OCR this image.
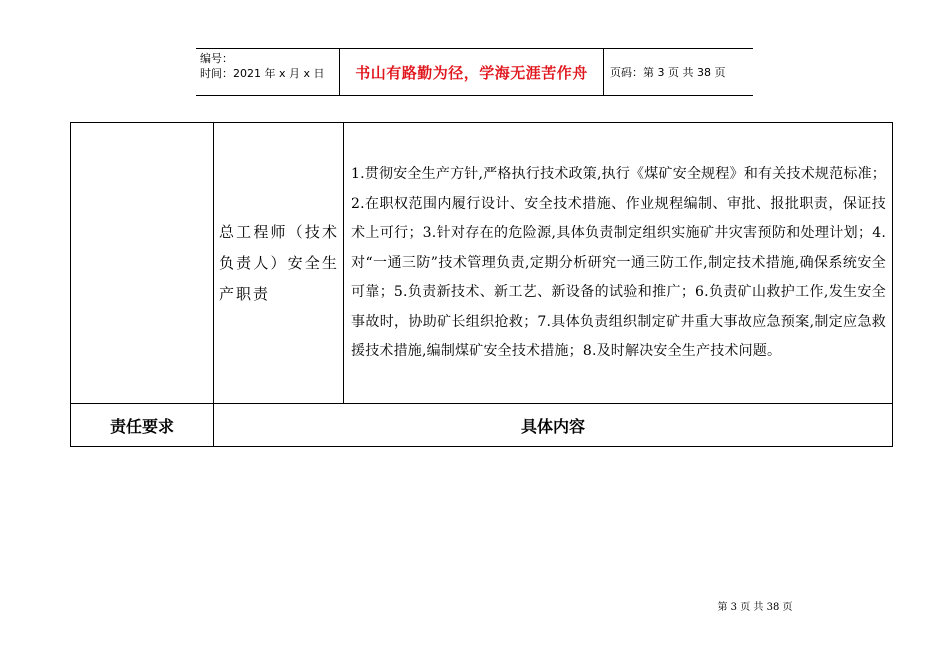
编号：
时间：2021 年 x 月 x 日	书山有路勤为径，学海无涯苦作舟	页码：第 3 页 共 38 页
	总工程师（技术负责人）安全生产职责	1.贯彻安全生产方针,严格执行技术政策,执行《煤矿安全规程》和有关技术规范标准；2.在职权范围内履行设计、安全技术措施、作业规程编制、审批、报批职责，保证技术上可行；3.针对存在的危险源,具体负责制定组织实施矿井灾害预防和处理计划；4.对“一通三防”技术管理负责,定期分析研究一通三防工作,制定技术措施,确保系统安全可靠；5.负责新技术、新工艺、新设备的试验和推广；6.负责矿山救护工作,发生安全事故时，协助矿长组织抢救；7.具体负责组织制定矿井重大事故应急预案,制定应急救援技术措施,编制煤矿安全技术措施；8.及时解决安全生产技术问题。
责任要求	具体内容	
第 3 页 共 38 页
